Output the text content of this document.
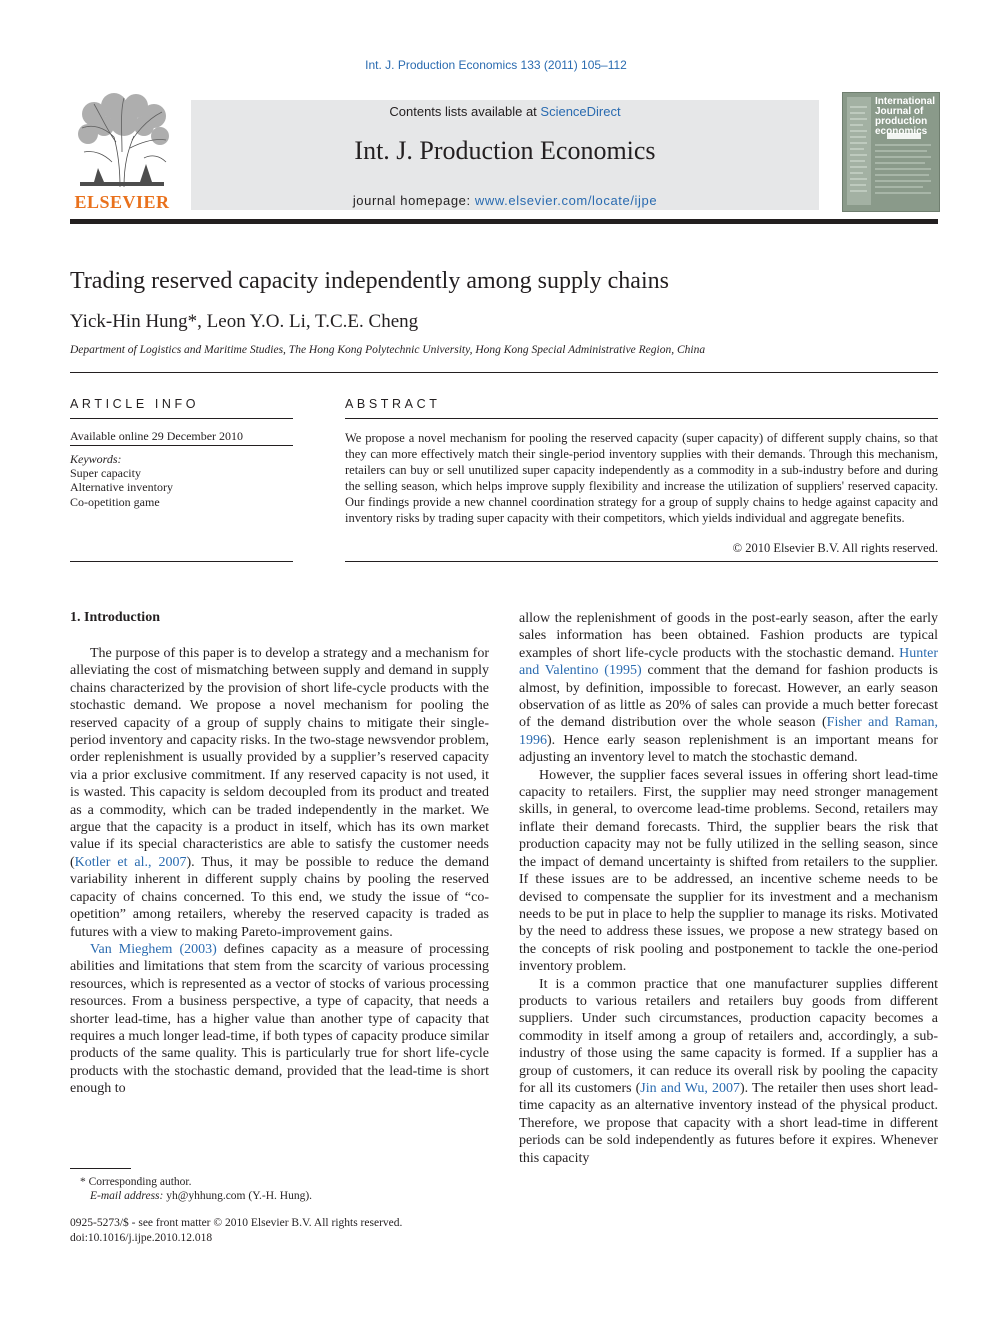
Int. J. Production Economics 133 (2011) 105–112
ELSEVIER
Contents lists available at ScienceDirect
Int. J. Production Economics
journal homepage: www.elsevier.com/locate/ijpe
International Journal of production economics
Trading reserved capacity independently among supply chains
Yick-Hin Hung*, Leon Y.O. Li, T.C.E. Cheng
Department of Logistics and Maritime Studies, The Hong Kong Polytechnic University, Hong Kong Special Administrative Region, China
ARTICLE INFO
Available online 29 December 2010
Keywords:
Super capacity
Alternative inventory
Co-opetition game
ABSTRACT
We propose a novel mechanism for pooling the reserved capacity (super capacity) of different supply chains, so that they can more effectively match their single-period inventory supplies with their demands. Through this mechanism, retailers can buy or sell unutilized super capacity independently as a commodity in a sub-industry before and during the selling season, which helps improve supply flexibility and increase the utilization of suppliers' reserved capacity. Our findings provide a new channel coordination strategy for a group of supply chains to hedge against capacity and inventory risks by trading super capacity with their competitors, which yields individual and aggregate benefits.
© 2010 Elsevier B.V. All rights reserved.
1. Introduction

The purpose of this paper is to develop a strategy and a mechanism for alleviating the cost of mismatching between supply and demand in supply chains characterized by the provision of short life-cycle products with the stochastic demand. We propose a novel mechanism for pooling the reserved capacity of a group of supply chains to mitigate their single-period inventory and capacity risks. In the two-stage newsvendor problem, order replenishment is usually provided by a supplier’s reserved capacity via a prior exclusive commitment. If any reserved capacity is not used, it is wasted. This capacity is seldom decoupled from its product and treated as a commodity, which can be traded independently in the market. We argue that the capacity is a product in itself, which has its own market value if its special characteristics are able to satisfy the customer needs (Kotler et al., 2007). Thus, it may be possible to reduce the demand variability inherent in different supply chains by pooling the reserved capacity of chains concerned. To this end, we study the issue of “co-opetition” among retailers, whereby the reserved capacity is traded as futures with a view to making Pareto-improvement gains.

Van Mieghem (2003) defines capacity as a measure of processing abilities and limitations that stem from the scarcity of various processing resources, which is represented as a vector of stocks of various processing resources. From a business perspective, a type of capacity, that needs a shorter lead-time, has a higher value than another type of capacity that requires a much longer lead-time, if both types of capacity produce similar products of the same quality. This is particularly true for short life-cycle products with the stochastic demand, provided that the lead-time is short enough to

allow the replenishment of goods in the post-early season, after the early sales information has been obtained. Fashion products are typical examples of short life-cycle products with the stochastic demand. Hunter and Valentino (1995) comment that the demand for fashion products is almost, by definition, impossible to forecast. However, an early season observation of as little as 20% of sales can provide a much better forecast of the demand distribution over the whole season (Fisher and Raman, 1996). Hence early season replenishment is an important means for adjusting an inventory level to match the stochastic demand.

However, the supplier faces several issues in offering short lead-time capacity to retailers. First, the supplier may need stronger management skills, in general, to overcome lead-time problems. Second, retailers may inflate their demand forecasts. Third, the supplier bears the risk that production capacity may not be fully utilized in the selling season, since the impact of demand uncertainty is shifted from retailers to the supplier. If these issues are to be addressed, an incentive scheme needs to be devised to compensate the supplier for its investment and a mechanism needs to be put in place to help the supplier to manage its risks. Motivated by the need to address these issues, we propose a new strategy based on the concepts of risk pooling and postponement to tackle the one-period inventory problem.

It is a common practice that one manufacturer supplies different products to various retailers and retailers buy goods from different suppliers. Under such circumstances, production capacity becomes a commodity in itself among a group of retailers and, accordingly, a sub-industry of those using the same capacity is formed. If a supplier has a group of customers, it can reduce its overall risk by pooling the capacity for all its customers (Jin and Wu, 2007). The retailer then uses short lead-time capacity as an alternative inventory instead of the physical product. Therefore, we propose that capacity with a short lead-time in different periods can be sold independently as futures before it expires. Whenever this capacity

* Corresponding author.
E-mail address: yh@yhhung.com (Y.-H. Hung).
0925-5273/$ - see front matter © 2010 Elsevier B.V. All rights reserved.
doi:10.1016/j.ijpe.2010.12.018
